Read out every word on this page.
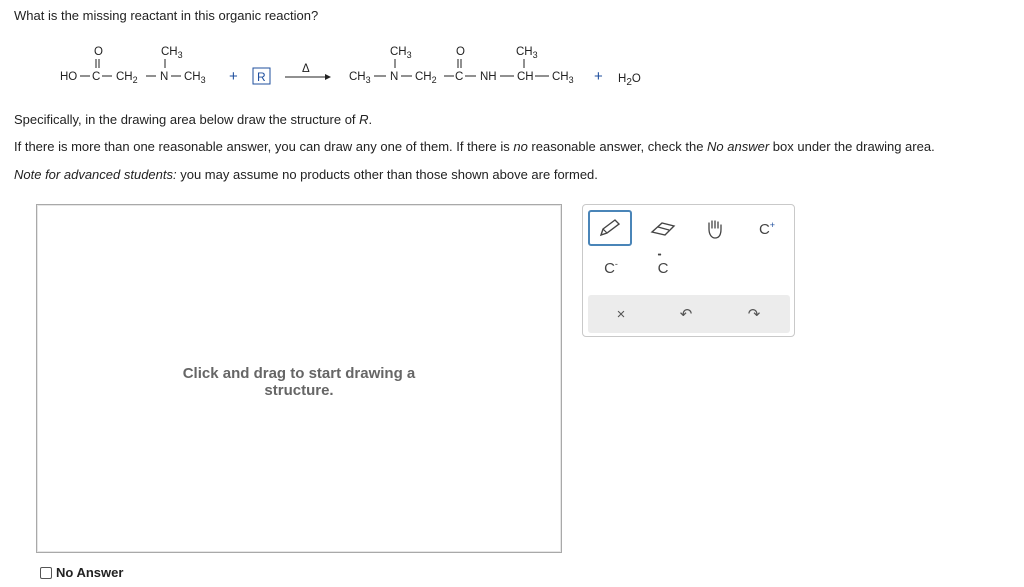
What is the missing reactant in this organic reaction?
O
HO C $CH_2$
$CH_3$
N $CH_3 + R$
Δ
$CH_3$
$CH_3$
N $CH_2$
O
C NH
$CH_3$
CH $CH_3 + H2O$
Specifically, in the drawing area below draw the structure of R.
If there is more than one reasonable answer, you can draw any one of them. If there is no reasonable answer, check the No answer box under the drawing area.
Note for advanced students: you may assume no products other than those shown above are formed.
Click and drag to start drawing a
structure.
No Answer
C+
C-
••
C
×	↶	↷
